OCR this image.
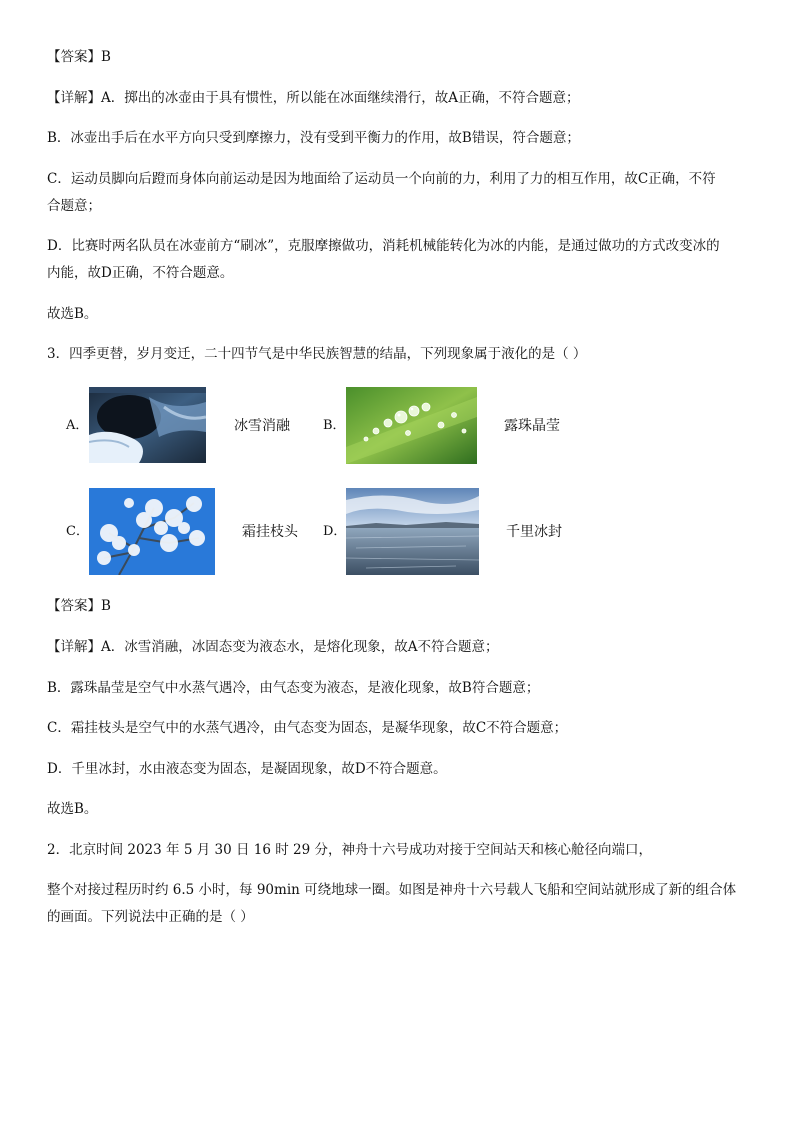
【答案】B
【详解】A．掷出的冰壶由于具有惯性，所以能在冰面继续滑行，故A正确，不符合题意；
B．冰壶出手后在水平方向只受到摩擦力，没有受到平衡力的作用，故B错误，符合题意；
C．运动员脚向后蹬而身体向前运动是因为地面给了运动员一个向前的力，利用了力的相互作用，故C正确，不符
合题意；
D．比赛时两名队员在冰壶前方“刷冰”，克服摩擦做功，消耗机械能转化为冰的内能，是通过做功的方式改变冰的
内能，故D正确，不符合题意。
故选B。
3．四季更替，岁月变迁，二十四节气是中华民族智慧的结晶，下列现象属于液化的是（ ）
A．	冰雪消融	B．	露珠晶莹
C．	霜挂枝头 D．	千里冰封
【答案】B
【详解】A．冰雪消融，冰固态变为液态水，是熔化现象，故A不符合题意；
B．露珠晶莹是空气中水蒸气遇冷，由气态变为液态，是液化现象，故B符合题意；
C．霜挂枝头是空气中的水蒸气遇冷，由气态变为固态，是凝华现象，故C不符合题意；
D．千里冰封，水由液态变为固态，是凝固现象，故D不符合题意。
故选B。
2．北京时间 2023 年 5 月 30 日 16 时 29 分，神舟十六号成功对接于空间站天和核心舱径向端口，
整个对接过程历时约 6.5 小时，每 90min 可绕地球一圈。如图是神舟十六号载人飞船和空间站就形成了新的组合体
的画面。下列说法中正确的是（ ）
